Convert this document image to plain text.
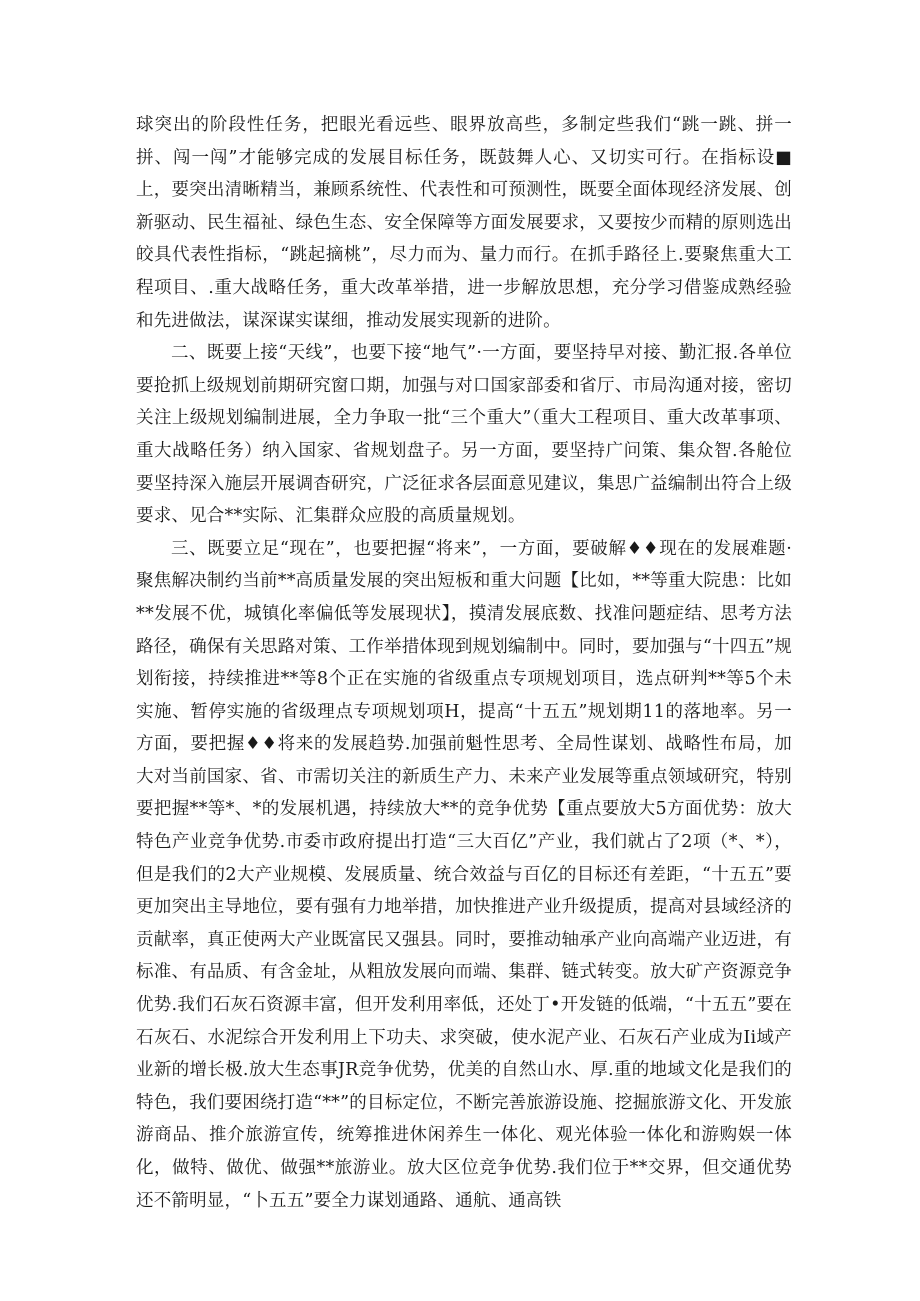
球突出的阶段性任务，把眼光看远些、眼界放高些，多制定些我们“跳一跳、拼一拼、闯一闯”才能够完成的发展目标任务，既鼓舞人心、又切实可行。在指标设■上，要突出清晰精当，兼顾系统性、代表性和可预测性，既要全面体现经济发展、创新驱动、民生福祉、绿色生态、安全保障等方面发展要求，又要按少而精的原则选出皎具代表性指标，“跳起摘桃”，尽力而为、量力而行。在抓手路径上.要聚焦重大工程项目、.重大战略任务，重大改革举措，进一步解放思想，充分学习借鉴成熟经验和先进做法，谋深谋实谋细，推动发展实现新的进阶。

二、既要上接“天线”，也要下接“地气”·一方面，要坚持早对接、勤汇报.各单位要抢抓上级规划前期研究窗口期，加强与对口国家部委和省厅、市局沟通对接，密切关注上级规划编制进展，全力争取一批“三个重大”（重大工程项目、重大改革事项、重大战略任务）纳入国家、省规划盘子。另一方面，要坚持广问策、集众智.各舱位要坚持深入施层开展调杳研究，广泛征求各层面意见建议，集思广益编制出符合上级要求、见合**实际、汇集群众应股的高质量规划。

三、既要立足“现在”，也要把握“将来”，一方面，要破解♦♦现在的发展难题·聚焦解决制约当前**高质量发展的突出短板和重大问题【比如，**等重大院患：比如**发展不优，城镇化率偏低等发展现状】，摸清发展底数、找准问题症结、思考方法路径，确保有关思路对策、工作举措体现到规划编制中。同时，要加强与“十四五”规划衔接，持续推进**等8个正在实施的省级重点专项规划项目，选点研判**等5个未实施、暂停实施的省级理点专项规划项H，提高“十五五”规划期11的落地率。另一方面，要把握♦♦将来的发展趋势.加强前魁性思考、全局性谋划、战略性布局，加大对当前国家、省、市需切关注的新质生产力、未来产业发展等重点领域研究，特别要把握**等*、*的发展机遇，持续放大**的竞争优势【重点要放大5方面优势：放大特色产业竞争优势.市委市政府提出打造“三大百亿”产业，我们就占了2项（*、*），但是我们的2大产业规模、发展质量、统合效益与百亿的目标还有差距，“十五五”要更加突出主导地位，要有强有力地举措，加快推进产业升级提质，提高对县域经济的贡献率，真正使两大产业既富民又强县。同时，要推动轴承产业向高端产业迈进，有标准、有品质、有含金址，从粗放发展向而端、集群、链式转变。放大矿产资源竞争优势.我们石灰石资源丰富，但开发利用率低，还处丁•开发链的低端，“十五五”要在石灰石、水泥综合开发利用上下功夫、求突破，使水泥产业、石灰石产业成为Ii域产业新的增长极.放大生态事JR竞争优势，优美的自然山水、厚.重的地域文化是我们的特色，我们要困绕打造“**”的目标定位，不断完善旅游设施、挖掘旅游文化、开发旅游商品、推介旅游宣传，统筹推进休闲养生一体化、观光体验一体化和游购娱一体化，做特、做优、做强**旅游业。放大区位竞争优势.我们位于**交界，但交通优势还不箭明显，“卜五五”要全力谋划通路、通航、通高铁
